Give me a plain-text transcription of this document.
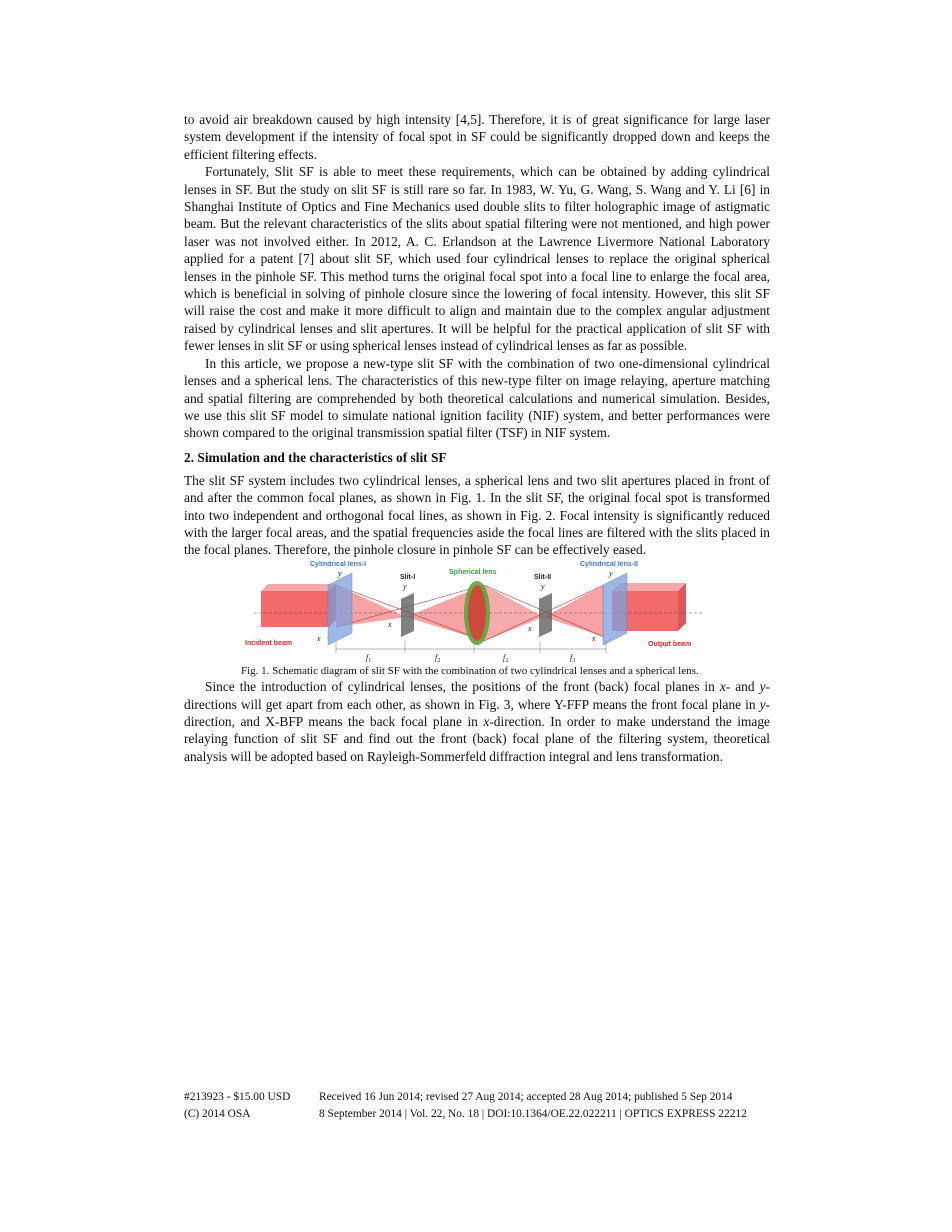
to avoid air breakdown caused by high intensity [4,5]. Therefore, it is of great significance for large laser system development if the intensity of focal spot in SF could be significantly dropped down and keeps the efficient filtering effects.

Fortunately, Slit SF is able to meet these requirements, which can be obtained by adding cylindrical lenses in SF. But the study on slit SF is still rare so far. In 1983, W. Yu, G. Wang, S. Wang and Y. Li [6] in Shanghai Institute of Optics and Fine Mechanics used double slits to filter holographic image of astigmatic beam. But the relevant characteristics of the slits about spatial filtering were not mentioned, and high power laser was not involved either. In 2012, A. C. Erlandson at the Lawrence Livermore National Laboratory applied for a patent [7] about slit SF, which used four cylindrical lenses to replace the original spherical lenses in the pinhole SF. This method turns the original focal spot into a focal line to enlarge the focal area, which is beneficial in solving of pinhole closure since the lowering of focal intensity. However, this slit SF will raise the cost and make it more difficult to align and maintain due to the complex angular adjustment raised by cylindrical lenses and slit apertures. It will be helpful for the practical application of slit SF with fewer lenses in slit SF or using spherical lenses instead of cylindrical lenses as far as possible.

In this article, we propose a new-type slit SF with the combination of two one-dimensional cylindrical lenses and a spherical lens. The characteristics of this new-type filter on image relaying, aperture matching and spatial filtering are comprehended by both theoretical calculations and numerical simulation. Besides, we use this slit SF model to simulate national ignition facility (NIF) system, and better performances were shown compared to the original transmission spatial filter (TSF) in NIF system.

2. Simulation and the characteristics of slit SF

The slit SF system includes two cylindrical lenses, a spherical lens and two slit apertures placed in front of and after the common focal planes, as shown in Fig. 1. In the slit SF, the original focal spot is transformed into two independent and orthogonal focal lines, as shown in Fig. 2. Focal intensity is significantly reduced with the larger focal areas, and the spatial frequencies aside the focal lines are filtered with the slits placed in the focal planes. Therefore, the pinhole closure in pinhole SF can be effectively eased.

Cylindrical lens-I
Slit-I
Spherical lens
Slit-II
Cylindrical lens-II
Incident beam	Output beam
y
x
y
x
y
x
y
x
$f_1$	$f_2$	$f_2$	$f_3$

Fig. 1. Schematic diagram of slit SF with the combination of two cylindrical lenses and a spherical lens.

Since the introduction of cylindrical lenses, the positions of the front (back) focal planes in x- and y-directions will get apart from each other, as shown in Fig. 3, where Y-FFP means the front focal plane in y-direction, and X-BFP means the back focal plane in x-direction. In order to make understand the image relaying function of slit SF and find out the front (back) focal plane of the filtering system, theoretical analysis will be adopted based on Rayleigh-Sommerfeld diffraction integral and lens transformation.

#213923 - $15.00 USD	Received 16 Jun 2014; revised 27 Aug 2014; accepted 28 Aug 2014; published 5 Sep 2014
(C) 2014 OSA	8 September 2014 | Vol. 22, No. 18 | DOI:10.1364/OE.22.022211 | OPTICS EXPRESS 22212
